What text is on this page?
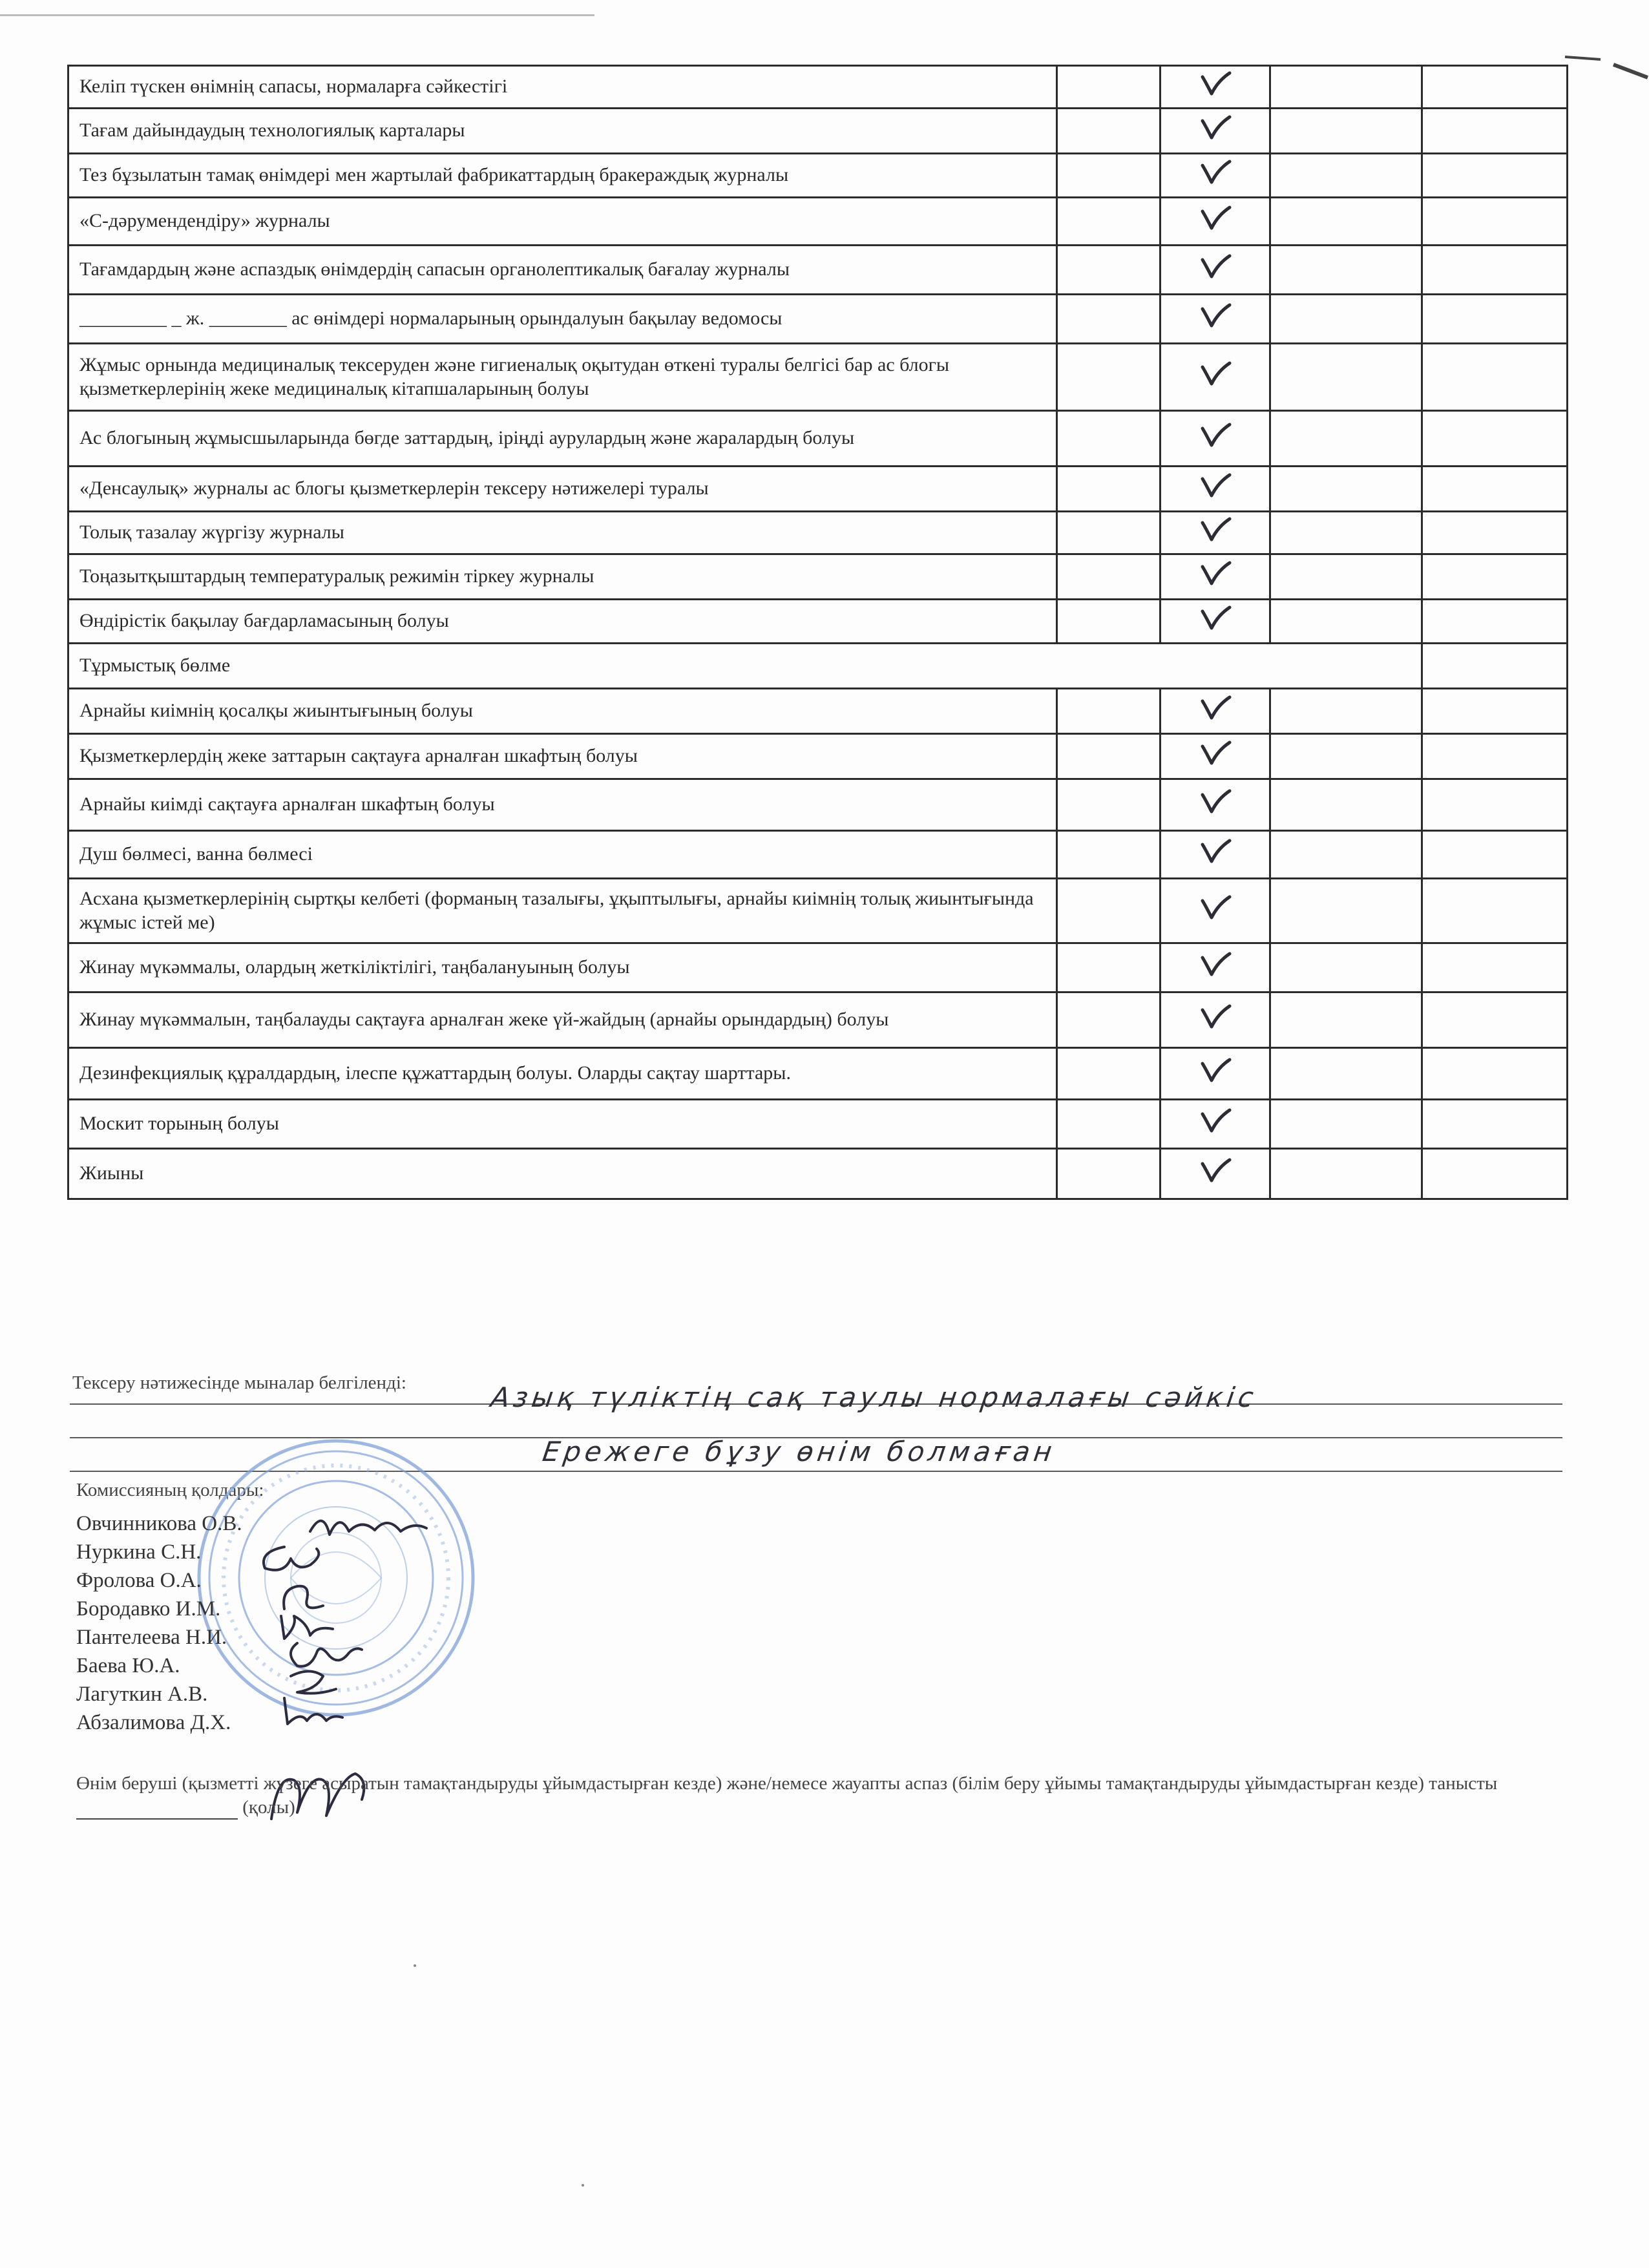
Келіп түскен өнімнің сапасы, нормаларға сәйкестігі				
Тағам дайындаудың технологиялық карталары				
Тез бұзылатын тамақ өнімдері мен жартылай фабрикаттардың бракераждық журналы				
«С-дәрумендендіру» журналы				
Тағамдардың және аспаздық өнімдердің сапасын органолептикалық бағалау журналы				
_________ _ ж. ________ ас өнімдері нормаларының орындалуын бақылау ведомосы				
Жұмыс орнында медициналық тексеруден және гигиеналық оқытудан өткені туралы белгісі бар ас блогы қызметкерлерінің жеке медициналық кітапшаларының болуы				
Ас блогының жұмысшыларында бөгде заттардың, іріңді аурулардың және жаралардың болуы				
«Денсаулық» журналы ас блогы қызметкерлерін тексеру нәтижелері туралы				
Толық тазалау жүргізу журналы				
Тоңазытқыштардың температуралық режимін тіркеу журналы				
Өндірістік бақылау бағдарламасының болуы				
Тұрмыстық бөлме				
Арнайы киімнің қосалқы жиынтығының болуы				
Қызметкерлердің жеке заттарын сақтауға арналған шкафтың болуы				
Арнайы киімді сақтауға арналған шкафтың болуы				
Душ бөлмесі, ванна бөлмесі				
Асхана қызметкерлерінің сыртқы келбеті (форманың тазалығы, ұқыптылығы, арнайы киімнің толық жиынтығында жұмыс істей ме)				
Жинау мүкәммалы, олардың жеткіліктілігі, таңбалануының болуы				
Жинау мүкәммалын, таңбалауды сақтауға арналған жеке үй-жайдың (арнайы орындардың) болуы				
Дезинфекциялық құралдардың, ілеспе құжаттардың болуы. Оларды сақтау шарттары.				
Москит торының болуы				
Жиыны				
Тексеру нәтижесінде мыналар белгіленді:	Азық түліктің сақ таулы нормалағы сәйкіс
Ережеге бұзу өнім болмаған
Комиссияның қолдары:
Овчинникова О.В.
Нуркина С.Н.
Фролова О.А.
Бородавко И.М.
Пантелеева Н.И.
Баева Ю.А.
Лагуткин А.В.
Абзалимова Д.Х.
Өнім беруші (қызметті жүзеге асыратын тамақтандыруды ұйымдастырған кезде) және/немесе жауапты аспаз (білім беру ұйымы тамақтандыруды ұйымдастырған кезде) танысты  (қолы)
